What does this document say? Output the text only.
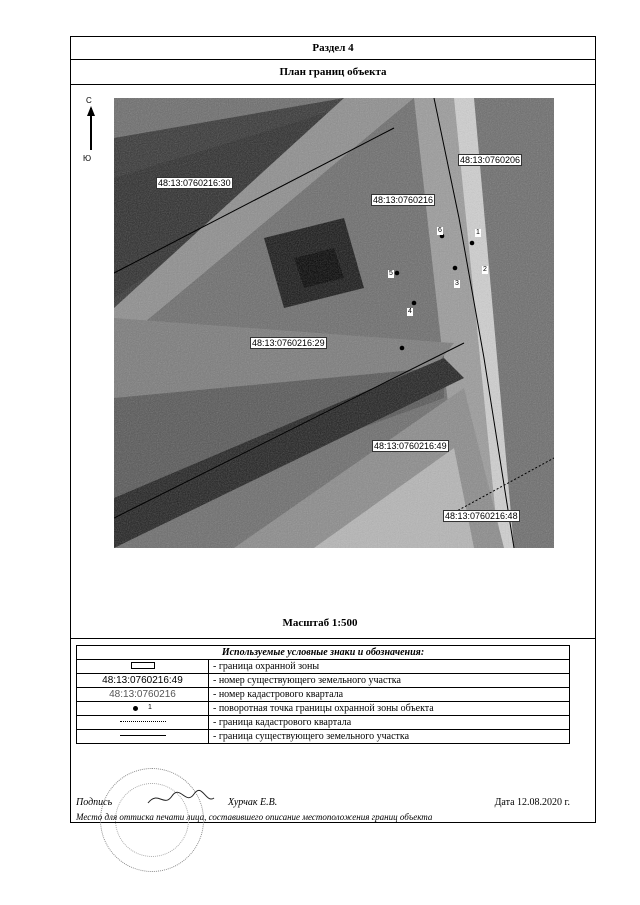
Раздел 4
План границ объекта
С
Ю
48:13:0760216:30
48:13:0760206
48:13:0760216
48:13:0760216:29
48:13:0760216:49
48:13:0760216:48
1
2
3
4
5
6
Масштаб 1:500
Используемые условные знаки и обозначения:	
	- граница охранной зоны
48:13:0760216:49	- номер существующего земельного участка
48:13:0760216	- номер кадастрового квартала
1	- поворотная точка границы охранной зоны объекта
	- граница кадастрового квартала
	- граница существующего земельного участка
Подпись	Хурчак Е.В.	Дата 12.08.2020 г.
Место для оттиска печати лица, составившего описание местоположения границ объекта
